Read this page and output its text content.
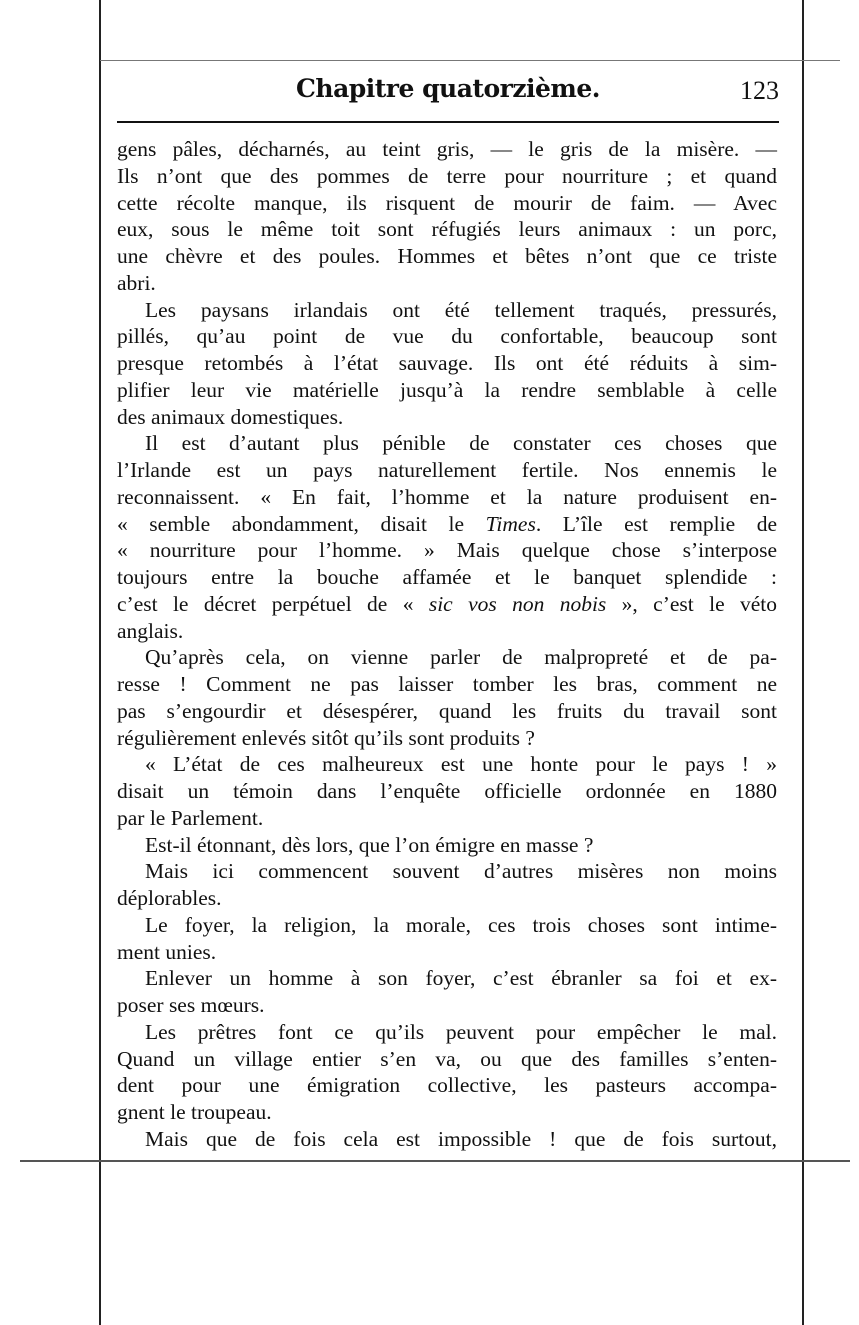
Chapitre quatorzième.	123
gens pâles, décharnés, au teint gris, — le gris de la misère. —
Ils n’ont que des pommes de terre pour nourriture ; et quand
cette récolte manque, ils risquent de mourir de faim. — Avec
eux, sous le même toit sont réfugiés leurs animaux : un porc,
une chèvre et des poules. Hommes et bêtes n’ont que ce triste
abri.
Les paysans irlandais ont été tellement traqués, pressurés,
pillés, qu’au point de vue du confortable, beaucoup sont
presque retombés à l’état sauvage. Ils ont été réduits à sim-
plifier leur vie matérielle jusqu’à la rendre semblable à celle
des animaux domestiques.
Il est d’autant plus pénible de constater ces choses que
l’Irlande est un pays naturellement fertile. Nos ennemis le
reconnaissent. « En fait, l’homme et la nature produisent en-
« semble abondamment, disait le Times. L’île est remplie de
« nourriture pour l’homme. » Mais quelque chose s’interpose
toujours entre la bouche affamée et le banquet splendide :
c’est le décret perpétuel de « sic vos non nobis », c’est le véto
anglais.
Qu’après cela, on vienne parler de malpropreté et de pa-
resse ! Comment ne pas laisser tomber les bras, comment ne
pas s’engourdir et désespérer, quand les fruits du travail sont
régulièrement enlevés sitôt qu’ils sont produits ?
« L’état de ces malheureux est une honte pour le pays ! »
disait un témoin dans l’enquête officielle ordonnée en 1880
par le Parlement.
Est-il étonnant, dès lors, que l’on émigre en masse ?
Mais ici commencent souvent d’autres misères non moins
déplorables.
Le foyer, la religion, la morale, ces trois choses sont intime-
ment unies.
Enlever un homme à son foyer, c’est ébranler sa foi et ex-
poser ses mœurs.
Les prêtres font ce qu’ils peuvent pour empêcher le mal.
Quand un village entier s’en va, ou que des familles s’enten-
dent pour une émigration collective, les pasteurs accompa-
gnent le troupeau.
Mais que de fois cela est impossible ! que de fois surtout,
